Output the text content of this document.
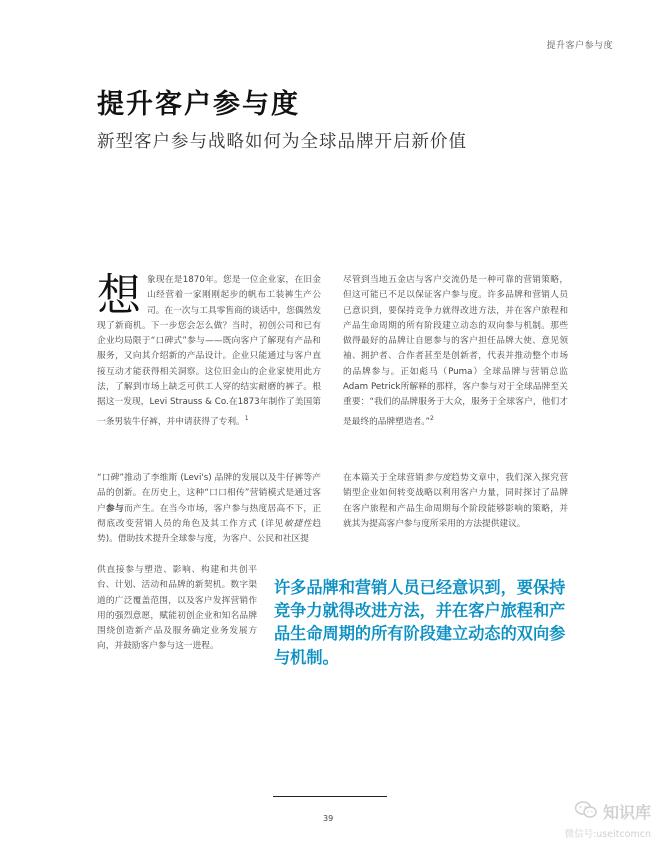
提升客户参与度
提升客户参与度
新型客户参与战略如何为全球品牌开启新价值
想 象现在是1870年。您是一位企业家，在旧金山经营着一家刚刚起步的帆布工装裤生产公司。在一次与工具零售商的谈话中，您偶然发现了新商机。下一步您会怎么做？当时，初创公司和已有企业均局限于“口碑式”参与——既向客户了解现有产品和服务，又向其介绍新的产品设计。企业只能通过与客户直接互动才能获得相关洞察。这位旧金山的企业家使用此方法，了解到市场上缺乏可供工人穿的结实耐磨的裤子。根据这一发现，Levi Strauss & Co.在1873年制作了美国第一条男装牛仔裤，并申请获得了专利。$^1$

“口碑”推动了李维斯 (Levi's) 品牌的发展以及牛仔裤等产品的创新。在历史上，这种“口口相传”营销模式是通过客户参与而产生。在当今市场，客户参与热度居高不下，正彻底改变营销人员的角色及其工作方式 (详见敏捷性趋势)。借助技术提升全球参与度，为客户、公民和社区提

供直接参与塑造、影响、构建和共创平台、计划、活动和品牌的新契机。数字渠道的广泛覆盖范围，以及客户发挥营销作用的强烈意愿，赋能初创企业和知名品牌围绕创造新产品及服务确定业务发展方向，并鼓励客户参与这一进程。

尽管到当地五金店与客户交流仍是一种可靠的营销策略，但这可能已不足以保证客户参与度。许多品牌和营销人员已意识到，要保持竞争力就得改进方法，并在客户旅程和产品生命周期的所有阶段建立动态的双向参与机制。那些做得最好的品牌让自愿参与的客户担任品牌大使、意见领袖、拥护者、合作者甚至是创新者，代表并推动整个市场的品牌参与。正如彪马（Puma）全球品牌与营销总监Adam Petrick所解释的那样，客户参与对于全球品牌至关重要：“我们的品牌服务于大众，服务于全球客户，他们才是最终的品牌塑造者。”$^2$

在本篇关于全球营销参与度趋势文章中，我们深入探究营销型企业如何转变战略以利用客户力量，同时探讨了品牌在客户旅程和产品生命周期每个阶段能够影响的策略，并就其为提高客户参与度所采用的方法提供建议。

许多品牌和营销人员已经意识到，要保持竞争力就得改进方法，并在客户旅程和产品生命周期的所有阶段建立动态的双向参与机制。
39	知识库
微信号:useitcomcn
